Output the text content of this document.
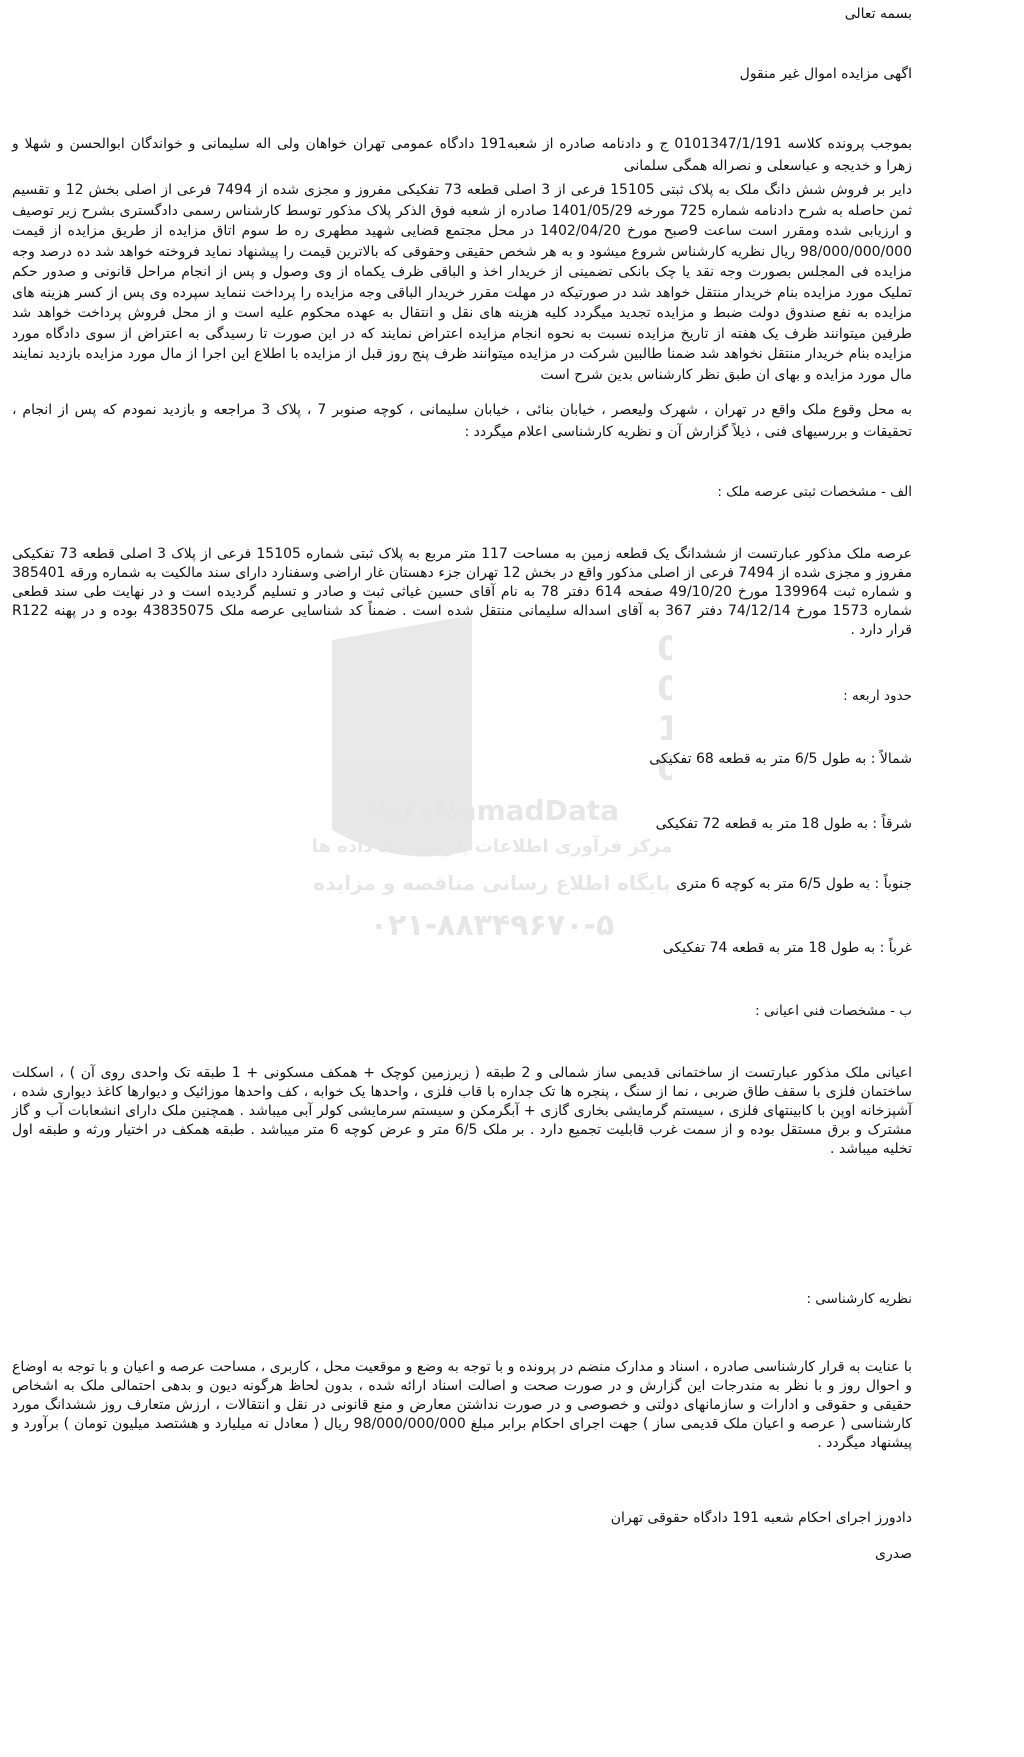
0
0
1
0
ParsNamadData
مرکز فرآوری اطلاعات پارس نماد داده ها
پایگاه اطلاع رسانی مناقصه و مزایده
۰۲۱-۸۸۳۴۹۶۷۰-۵

بسمه تعالی

اگهی مزایده اموال غیر منقول

بموجب پرونده کلاسه 0101347/1/191 ج و دادنامه صادره از شعبه191 دادگاه عمومی تهران خواهان ولی اله سلیمانی و خواندگان ابوالحسن و شهلا و زهرا و خدیجه و عباسعلی و نصراله همگی سلمانی

دایر بر فروش شش دانگ ملک به پلاک ثبتی 15105 فرعی از 3 اصلی قطعه 73 تفکیکی مفروز و مجزی شده از 7494 فرعی از اصلی بخش 12 و تقسیم ثمن حاصله به شرح دادنامه شماره 725 مورخه 1401/05/29 صادره از شعبه فوق الذکر پلاک مذکور توسط کارشناس رسمی دادگستری بشرح زیر توصیف و ارزیابی شده ومقرر است ساعت 9صبح مورخ 1402/04/20 در محل مجتمع قضایی شهید مطهری ره ط سوم اتاق مزایده از طریق مزایده از قیمت 98/000/000/000 ریال نظریه کارشناس شروع میشود و به هر شخص حقیقی وحقوقی که بالاترین قیمت را پیشنهاد نماید فروخته خواهد شد ده درصد وجه مزایده فی المجلس بصورت وجه نقد یا چک بانکی تضمینی از خریدار اخذ و الباقی ظرف یکماه از وی وصول و پس از انجام مراحل قانونی و صدور حکم تملیک مورد مزایده بنام خریدار منتقل خواهد شد در صورتیکه در مهلت مقرر خریدار الباقی وجه مزایده را پرداخت ننماید سپرده وی پس از کسر هزینه های مزایده به نفع صندوق دولت ضبط و مزایده تجدید میگردد کلیه هزینه های نقل و انتقال به عهده محکوم علیه است و از محل فروش پرداخت خواهد شد طرفین میتوانند ظرف یک هفته از تاریخ مزایده نسبت به نحوه انجام مزایده اعتراض نمایند که در این صورت تا رسیدگی به اعتراض از سوی دادگاه مورد مزایده بنام خریدار منتقل نخواهد شد ضمنا طالبین شرکت در مزایده میتوانند ظرف پنج روز قبل از مزایده با اطلاع این اجرا از مال مورد مزایده بازدید نمایند مال مورد مزایده و بهای ان طبق نظر کارشناس بدین شرح است

به محل وقوع ملک واقع در تهران ، شهرک ولیعصر ، خیابان بنائی ، خیابان سلیمانی ، کوچه صنوبر 7 ، پلاک 3 مراجعه و بازدید نمودم که پس از انجام ، تحقیقات و بررسیهای فنی ، ذیلاً گزارش آن و نظریه کارشناسی اعلام میگردد :

الف - مشخصات ثبتی عرصه ملک :

عرصه ملک مذکور عبارتست از ششدانگ یک قطعه زمین به مساحت 117 متر مربع به پلاک ثبتی شماره 15105 فرعی از پلاک 3 اصلی قطعه 73 تفکیکی مفروز و مجزی شده از 7494 فرعی از اصلی مذکور واقع در بخش 12 تهران جزء دهستان غار اراضی وسفنارد دارای سند مالکیت به شماره ورقه 385401 و شماره ثبت 139964 مورخ 49/10/20 صفحه 614 دفتر 78 به نام آقای حسین غیاثی ثبت و صادر و تسلیم گردیده است و در نهایت طی سند قطعی شماره 1573 مورخ 74/12/14 دفتر 367 به آقای اسداله سلیمانی منتقل شده است . ضمناً کد شناسایی عرصه ملک 43835075 بوده و در پهنه R122 قرار دارد .

حدود اربعه :

شمالاً : به طول 6/5 متر به قطعه 68 تفکیکی

شرقاً : به طول 18 متر به قطعه 72 تفکیکی

جنوباً : به طول 6/5 متر به کوچه 6 متری

غرباً : به طول 18 متر به قطعه 74 تفکیکی

ب - مشخصات فنی اعیانی :

اعیانی ملک مذکور عبارتست از ساختمانی قدیمی ساز شمالی و 2 طبقه ( زیرزمین کوچک + همکف مسکونی + 1 طبقه تک واحدی روی آن ) ، اسکلت ساختمان فلزی با سقف طاق ضربی ، نما از سنگ ، پنجره ها تک جداره با قاب فلزی ، واحدها یک خوابه ، کف واحدها موزائیک و دیوارها کاغذ دیواری شده ، آشپزخانه اوپن با کابینتهای فلزی ، سیستم گرمایشی بخاری گازی + آبگرمکن و سیستم سرمایشی کولر آبی میباشد . همچنین ملک دارای انشعابات آب و گاز مشترک و برق مستقل بوده و از سمت غرب قابلیت تجمیع دارد . بر ملک 6/5 متر و عرض کوچه 6 متر میباشد . طبقه همکف در اختیار ورثه و طبقه اول تخلیه میباشد .

نظریه کارشناسی :

با عنایت به قرار کارشناسی صادره ، اسناد و مدارک منضم در پرونده و با توجه به وضع و موقعیت محل ، کاربری ، مساحت عرصه و اعیان و با توجه به اوضاع و احوال روز و با نظر به مندرجات این گزارش و در صورت صحت و اصالت اسناد ارائه شده ، بدون لحاظ هرگونه دیون و بدهی احتمالی ملک به اشخاص حقیقی و حقوقی و ادارات و سازمانهای دولتی و خصوصی و در صورت نداشتن معارض و منع قانونی در نقل و انتقالات ، ارزش متعارف روز ششدانگ مورد کارشناسی ( عرصه و اعیان ملک قدیمی ساز ) جهت اجرای احکام برابر مبلغ 98/000/000/000 ریال ( معادل نه میلیارد و هشتصد میلیون تومان ) برآورد و پیشنهاد میگردد .

دادورز اجرای احکام شعبه 191 دادگاه حقوقی تهران

صدری
